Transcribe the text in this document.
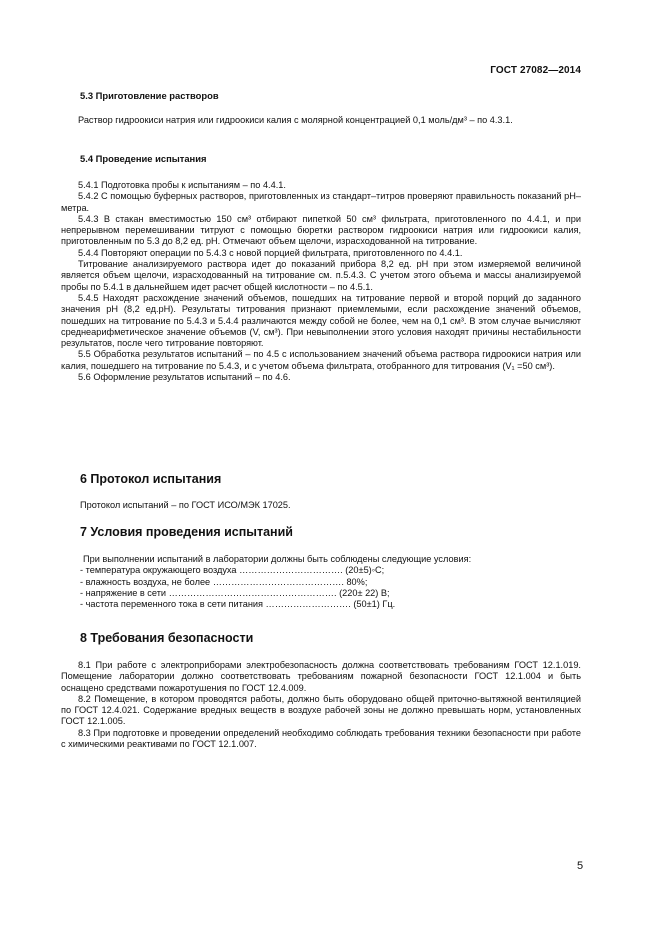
ГОСТ 27082—2014
5.3 Приготовление растворов

Раствор гидроокиси натрия или гидроокиси калия с молярной концентрацией 0,1 моль/дм³ – по 4.3.1.

5.4 Проведение испытания

5.4.1 Подготовка пробы к испытаниям – по 4.4.1.

5.4.2 С помощью буферных растворов, приготовленных из стандарт–титров проверяют правильность показаний рН–метра.

5.4.3 В стакан вместимостью 150 см³ отбирают пипеткой 50 см³ фильтрата, приготовленного по 4.4.1, и при непрерывном перемешивании титруют с помощью бюретки раствором гидроокиси натрия или гидроокиси калия, приготовленным по 5.3 до 8,2 ед. рН. Отмечают объем щелочи, израсходованной на титрование.

5.4.4 Повторяют операции по 5.4.3 с новой порцией фильтрата, приготовленного по 4.4.1.

Титрование анализируемого раствора идет до показаний прибора 8,2 ед. рН при этом измеряемой величиной является объем щелочи, израсходованный на титрование см. п.5.4.3. С учетом этого объема и массы анализируемой пробы по 5.4.1 в дальнейшем идет расчет общей кислотности – по 4.5.1.

5.4.5 Находят расхождение значений объемов, пошедших на титрование первой и второй порций до заданного значения рН (8,2 ед.рН). Результаты титрования признают приемлемыми, если расхождение значений объемов, пошедших на титрование по 5.4.3 и 5.4.4 различаются между собой не более, чем на 0,1 см³. В этом случае вычисляют среднеарифметическое значение объемов (V, см³). При невыполнении этого условия находят причины нестабильности результатов, после чего титрование повторяют.

5.5 Обработка результатов испытаний – по 4.5 с использованием значений объема раствора гидроокиси натрия или калия, пошедшего на титрование по 5.4.3, и с учетом объема фильтрата, отобранного для титрования (V₁ =50 см³).

5.6 Оформление результатов испытаний – по 4.6.

6 Протокол испытания

Протокол испытаний – по ГОСТ ИСО/МЭК 17025.

7 Условия проведения испытаний

При выполнении испытаний в лаборатории должны быть соблюдены следующие условия:

- температура окружающего воздуха ……………………………. (20±5)◦С;

- влажность воздуха, не более ……………………………………. 80%;

- напряжение в сети ………………………………………………. (220± 22) В;

- частота переменного тока в сети питания ………………………. (50±1) Гц.

8 Требования безопасности

8.1 При работе с электроприборами электробезопасность должна соответствовать требованиям ГОСТ 12.1.019. Помещение лаборатории должно соответствовать требованиям пожарной безопасности ГОСТ 12.1.004 и быть оснащено средствами пожаротушения по ГОСТ 12.4.009.

8.2 Помещение, в котором проводятся работы, должно быть оборудовано общей приточно-вытяжной вентиляцией по ГОСТ 12.4.021. Содержание вредных веществ в воздухе рабочей зоны не должно превышать норм, установленных ГОСТ 12.1.005.

8.3 При подготовке и проведении определений необходимо соблюдать требования техники безопасности при работе с химическими реактивами по ГОСТ 12.1.007.

5
